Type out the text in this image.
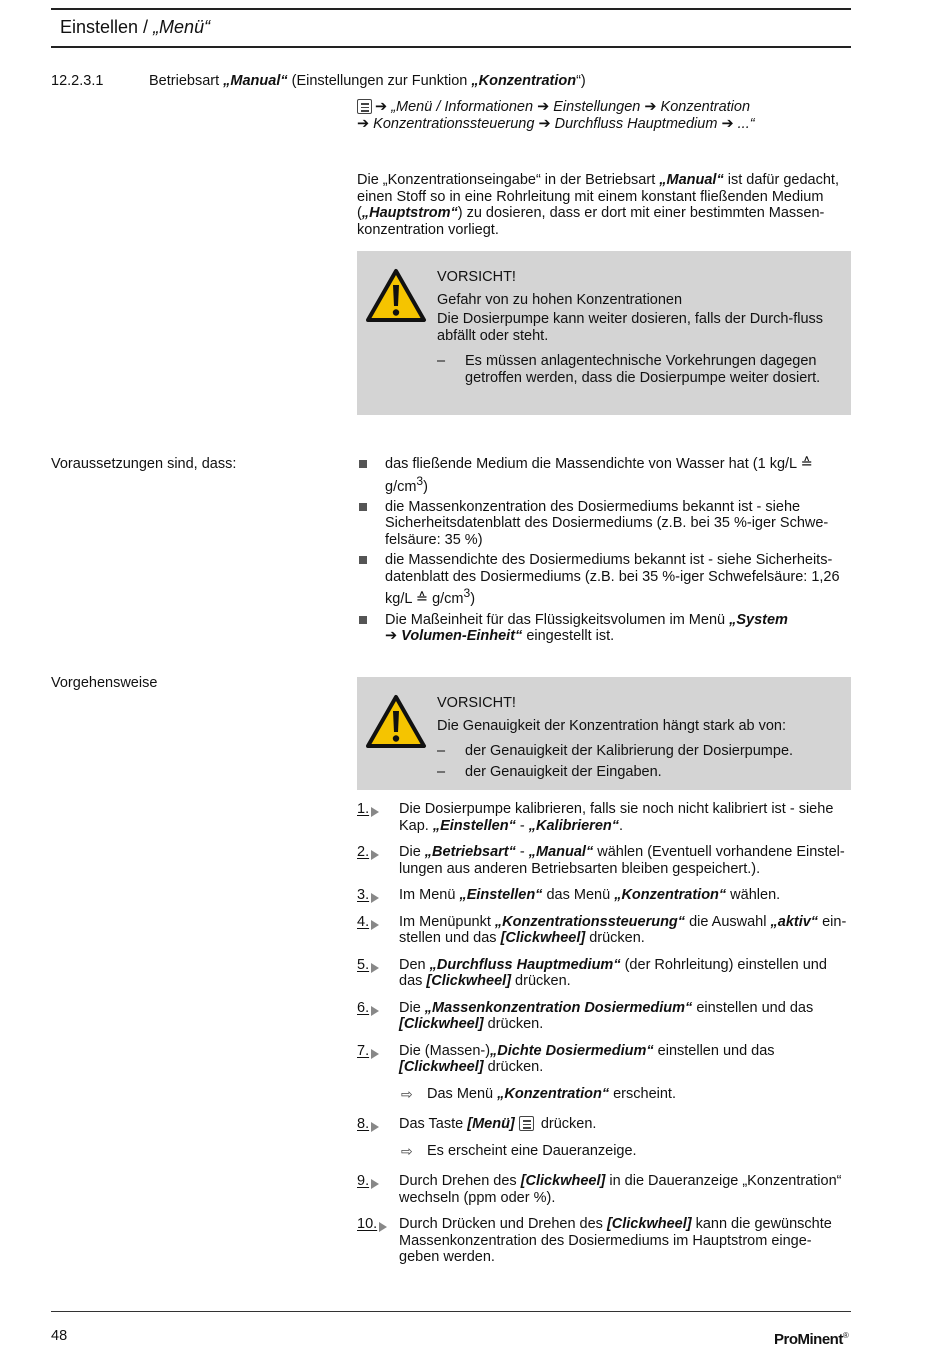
Einstellen / „Menü“
12.2.3.1	Betriebsart „Manual“ (Einstellungen zur Funktion „Konzentration“)
➔ „Menü / Informationen ➔ Einstellungen ➔ Konzentration
➔ Konzentrationssteuerung ➔ Durchfluss Hauptmedium ➔ ...“

Die „Konzentrationseingabe“ in der Betriebsart „Manual“ ist dafür gedacht, einen Stoff so in eine Rohrleitung mit einem konstant fließenden Medium („Hauptstrom“) zu dosieren, dass er dort mit einer bestimmten Massen-konzentration vorliegt.

VORSICHT!
Gefahr von zu hohen Konzentrationen
Die Dosierpumpe kann weiter dosieren, falls der Durch-fluss abfällt oder steht.
– Es müssen anlagentechnische Vorkehrungen dagegen getroffen werden, dass die Dosierpumpe weiter dosiert.
Voraussetzungen sind, dass:	das fließende Medium die Massendichte von Wasser hat (1 kg/L ≙ $g/cm^3$)
die Massenkonzentration des Dosiermediums bekannt ist - siehe Sicherheitsdatenblatt des Dosiermediums (z.B. bei 35 %-iger Schwe-felsäure: 35 %)
die Massendichte des Dosiermediums bekannt ist - siehe Sicherheits-datenblatt des Dosiermediums (z.B. bei 35 %-iger Schwefelsäure: 1,26 kg/L ≙ $g/cm^3$)
Die Maßeinheit für das Flüssigkeitsvolumen im Menü „System
➔ Volumen-Einheit“ eingestellt ist.
Vorgehensweise
VORSICHT!
Die Genauigkeit der Konzentration hängt stark ab von:
– der Genauigkeit der Kalibrierung der Dosierpumpe.
– der Genauigkeit der Eingaben.
1. Die Dosierpumpe kalibrieren, falls sie noch nicht kalibriert ist - siehe Kap. „Einstellen“ - „Kalibrieren“.
2. Die „Betriebsart“ - „Manual“ wählen (Eventuell vorhandene Einstel-lungen aus anderen Betriebsarten bleiben gespeichert.).
3. Im Menü „Einstellen“ das Menü „Konzentration“ wählen.
4. Im Menüpunkt „Konzentrationssteuerung“ die Auswahl „aktiv“ ein-stellen und das [Clickwheel] drücken.
5. Den „Durchfluss Hauptmedium“ (der Rohrleitung) einstellen und das [Clickwheel] drücken.
6. Die „Massenkonzentration Dosiermedium“ einstellen und das [Clickwheel] drücken.
7. Die (Massen-)„Dichte Dosiermedium“ einstellen und das [Clickwheel] drücken.
⇨ Das Menü „Konzentration“ erscheint.
8. Das Taste [Menü]
drücken.
⇨ Es erscheint eine Daueranzeige.
9. Durch Drehen des [Clickwheel] in die Daueranzeige „Konzentration“ wechseln (ppm oder %).
10. Durch Drücken und Drehen des [Clickwheel] kann die gewünschte Massenkonzentration des Dosiermediums im Hauptstrom einge-geben werden.
48	ProMinent®
